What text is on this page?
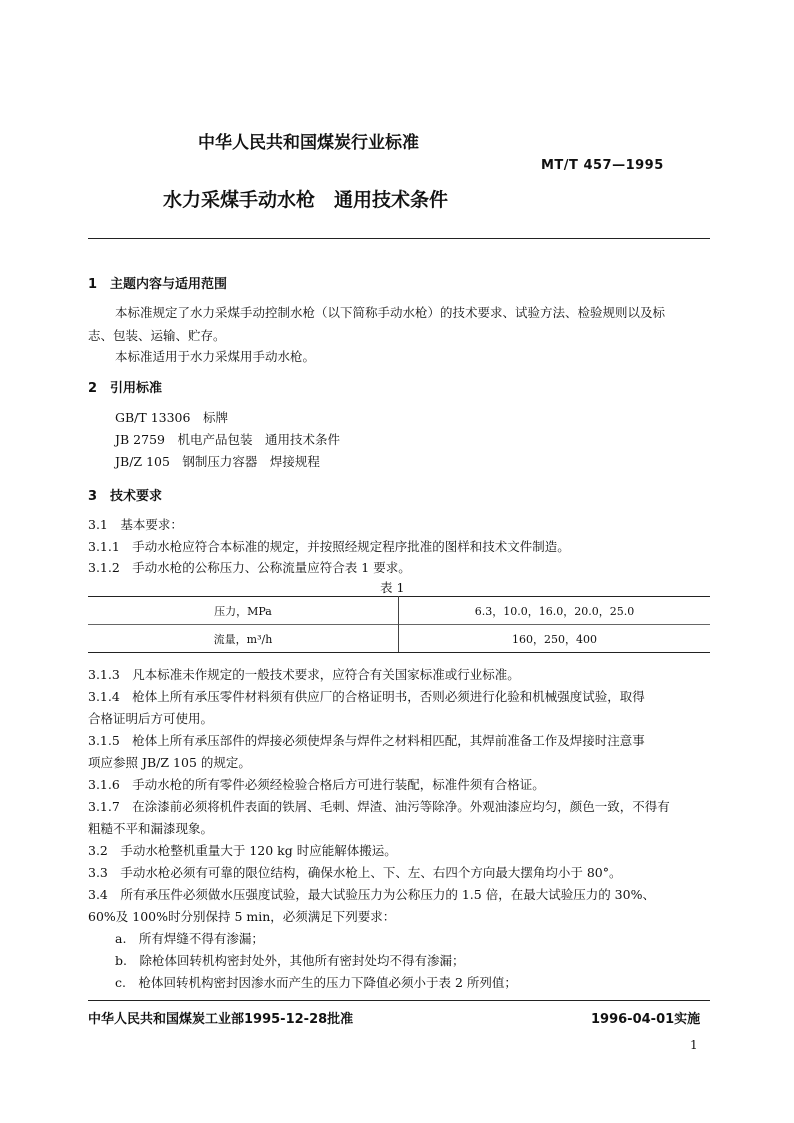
中华人民共和国煤炭行业标准
MT/T 457—1995
水力采煤手动水枪　通用技术条件
1　主题内容与适用范围
本标准规定了水力采煤手动控制水枪（以下简称手动水枪）的技术要求、试验方法、检验规则以及标
志、包装、运输、贮存。
本标准适用于水力采煤用手动水枪。
2　引用标准
GB/T 13306　标牌
JB 2759　机电产品包装　通用技术条件
JB/Z 105　钢制压力容器　焊接规程
3　技术要求
3.1　基本要求：
3.1.1　手动水枪应符合本标准的规定，并按照经规定程序批准的图样和技术文件制造。
3.1.2　手动水枪的公称压力、公称流量应符合表 1 要求。
表 1
压力，MPa	6.3，10.0，16.0，20.0，25.0
流量，m³/h	160，250，400
3.1.3　凡本标准未作规定的一般技术要求，应符合有关国家标准或行业标准。
3.1.4　枪体上所有承压零件材料须有供应厂的合格证明书，否则必须进行化验和机械强度试验，取得
合格证明后方可使用。
3.1.5　枪体上所有承压部件的焊接必须使焊条与焊件之材料相匹配，其焊前准备工作及焊接时注意事
项应参照 JB/Z 105 的规定。
3.1.6　手动水枪的所有零件必须经检验合格后方可进行装配，标准件须有合格证。
3.1.7　在涂漆前必须将机件表面的铁屑、毛刺、焊渣、油污等除净。外观油漆应均匀，颜色一致，不得有
粗糙不平和漏漆现象。
3.2　手动水枪整机重量大于 120 kg 时应能解体搬运。
3.3　手动水枪必须有可靠的限位结构，确保水枪上、下、左、右四个方向最大摆角均小于 80°。
3.4　所有承压件必须做水压强度试验，最大试验压力为公称压力的 1.5 倍，在最大试验压力的 30%、
60%及 100%时分别保持 5 min，必须满足下列要求：
a.　所有焊缝不得有渗漏；
b.　除枪体回转机构密封处外，其他所有密封处均不得有渗漏；
c.　枪体回转机构密封因渗水而产生的压力下降值必须小于表 2 所列值；
中华人民共和国煤炭工业部1995-12-28批准	1996-04-01实施
1
